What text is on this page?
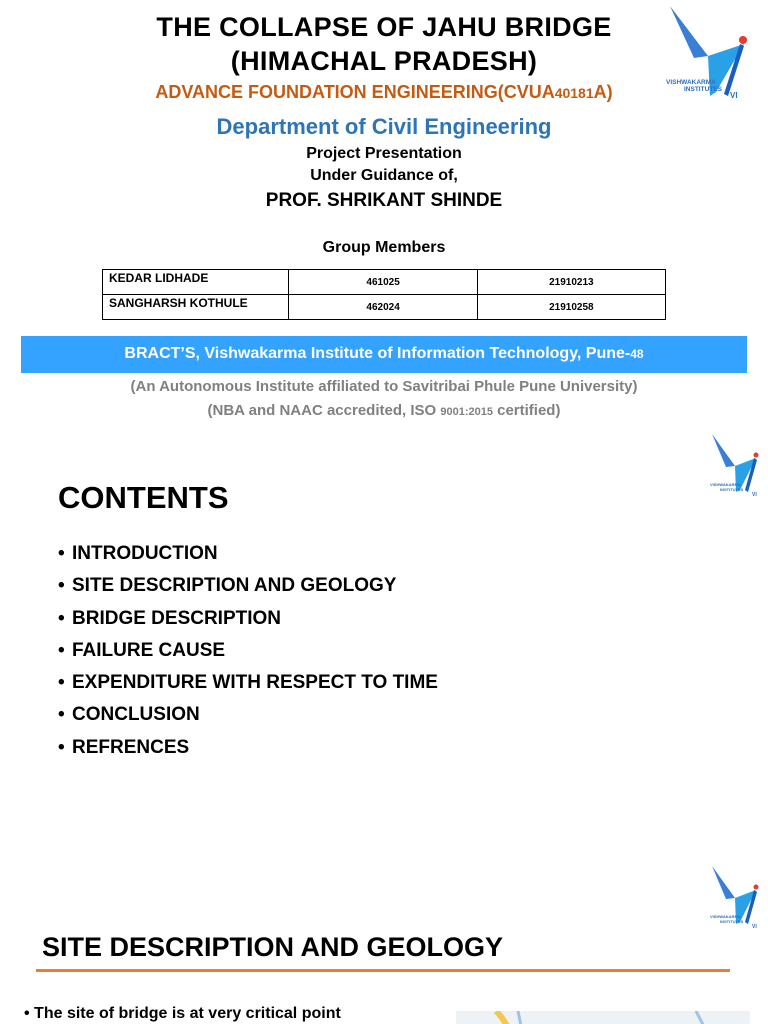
THE COLLAPSE OF JAHU BRIDGE
(HIMACHAL PRADESH)
ADVANCE FOUNDATION ENGINEERING(CVUA40181A)
Department of Civil Engineering
Project Presentation
Under Guidance of,
PROF. SHRIKANT SHINDE
Group Members
KEDAR LIDHADE	461025	21910213
SANGHARSH KOTHULE	462024	21910258
BRACT’S, Vishwakarma Institute of Information Technology, Pune-48
(An Autonomous Institute affiliated to Savitribai Phule Pune University)
(NBA and NAAC accredited, ISO 9001:2015 certified)
VISHWAKARMA
INSTITUTES
VI
VISHWAKARMA
INSTITUTES
VI
CONTENTS
• INTRODUCTION
• SITE DESCRIPTION AND GEOLOGY
• BRIDGE DESCRIPTION
• FAILURE CAUSE
• EXPENDITURE WITH RESPECT TO TIME
• CONCLUSION
• REFRENCES
VISHWAKARMA
INSTITUTES
VI
SITE DESCRIPTION AND GEOLOGY
• The site of bridge is at very critical point
